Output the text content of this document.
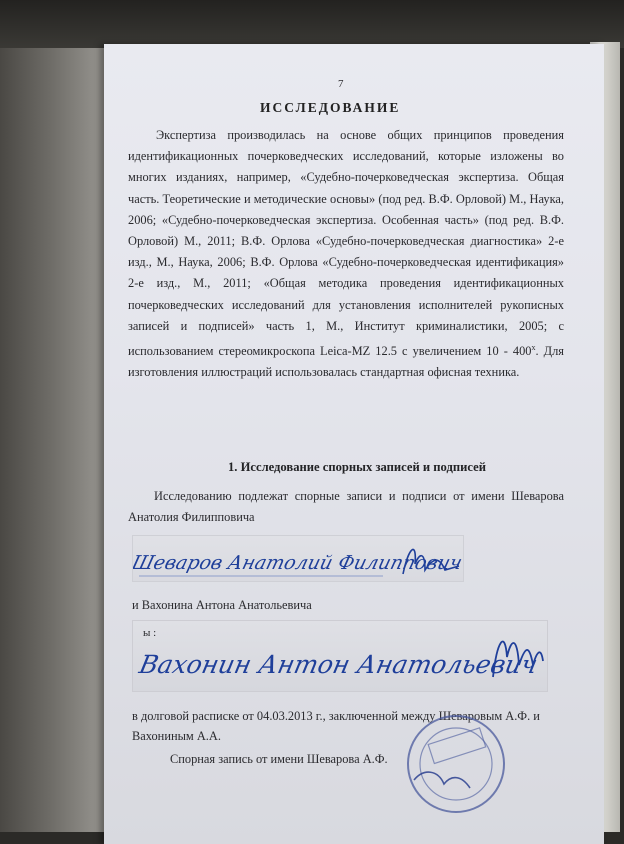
7
ИССЛЕДОВАНИЕ

Экспертиза производилась на основе общих принципов проведения идентификационных почерковедческих исследований, которые изложены во многих изданиях, например, «Судебно-почерковедческая экспертиза. Общая часть. Теоретические и методические основы» (под ред. В.Ф. Орловой) М., Наука, 2006; «Судебно-почерковедческая экспертиза. Особенная часть» (под ред. В.Ф. Орловой) М., 2011; В.Ф. Орлова «Судебно-почерковедческая диагностика» 2-е изд., М., Наука, 2006; В.Ф. Орлова «Судебно-почерковедческая идентификация» 2-е изд., М., 2011; «Общая методика проведения идентификационных почерковедческих исследований для установления исполнителей рукописных записей и подписей» часть 1, М., Институт криминалистики, 2005; с использованием стереомикроскопа Leica-MZ 12.5 с увеличением 10 - 400$^x$. Для изготовления иллюстраций использовалась стандартная офисная техника.

1. Исследование спорных записей и подписей

Исследованию подлежат спорные записи и подписи от имени Шеварова Анатолия Филипповича

Шеваров Анатолий Филиппович
и Вахонина Антона Анатольевича
ы :
Вахонин Антон Анатольевич
в долговой расписке от 04.03.2013 г., заключенной между Шеваровым А.Ф. и
Вахониным А.А.
Спорная запись от имени Шеварова А.Ф.
